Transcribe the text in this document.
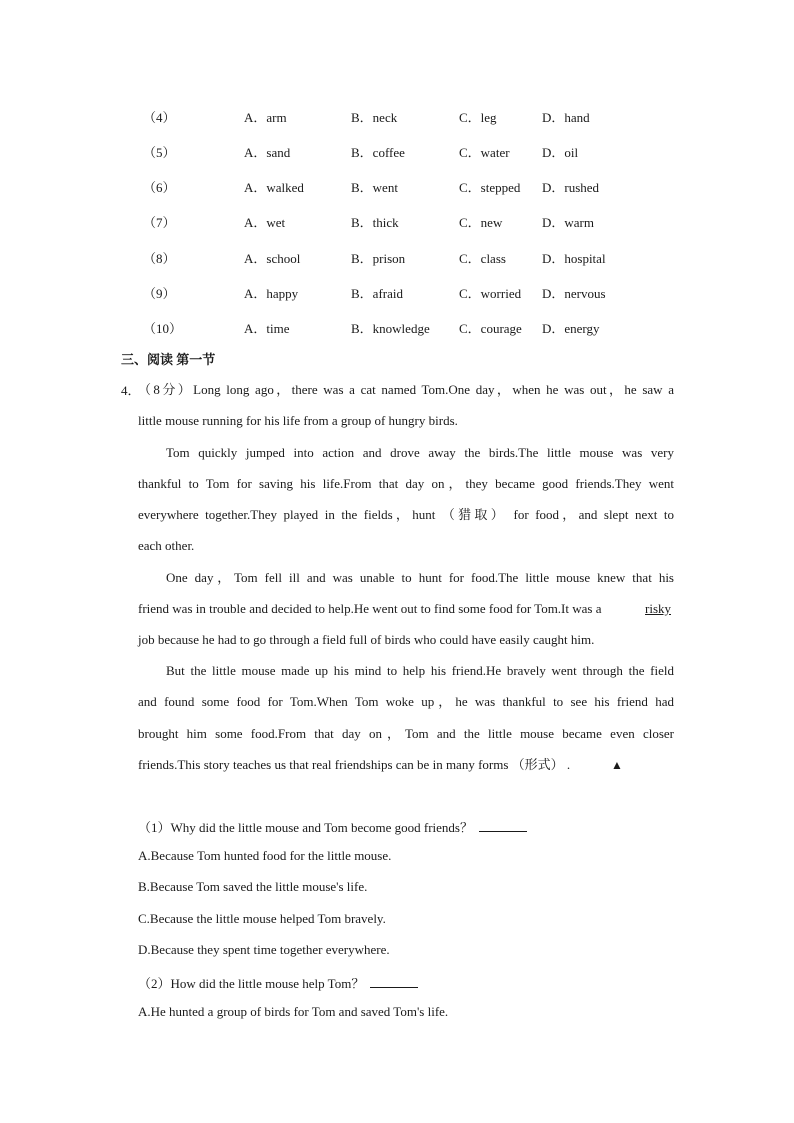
（4）	A．arm	B．neck	C．leg	D．hand
（5）	A．sand	B．coffee	C．water D．oil
（6）	A．walked	B．went	C．stepped D．rushed
（7）	A．wet	B．thick	C．new	D．warm
（8）	A．school	B．prison	C．class	D．hospital
（9）	A．happy	B．afraid	C．worried D．nervous
（10）	A．time	B．knowledge C．courage D．energy
三、阅读 第一节
4．
（8分）Long long ago，there was a cat named Tom.One day，when he was out，he saw a
little mouse running for his life from a group of hungry birds.
Tom quickly jumped into action and drove away the birds.The little mouse was very
thankful to Tom for saving his life.From that day on，they became good friends.They went
everywhere together.They played in the fields，hunt （猎取） for food，and slept next to
each other.
One day，Tom fell ill and was unable to hunt for food.The little mouse knew that his
friend was in trouble and decided to help.He went out to find some food for Tom.It was a	risky
job because he had to go through a field full of birds who could have easily caught him.
But the little mouse made up his mind to help his friend.He bravely went through the field
and found some food for Tom.When Tom woke up，he was thankful to see his friend had
brought him some food.From that day on，Tom and the little mouse became even closer
friends.This story teaches us that real friendships can be in many forms （形式） .	▲
（1）Why did the little mouse and Tom become good friends？
A.Because Tom hunted food for the little mouse.
B.Because Tom saved the little mouse's life.
C.Because the little mouse helped Tom bravely.
D.Because they spent time together everywhere.
（2）How did the little mouse help Tom？
A.He hunted a group of birds for Tom and saved Tom's life.
